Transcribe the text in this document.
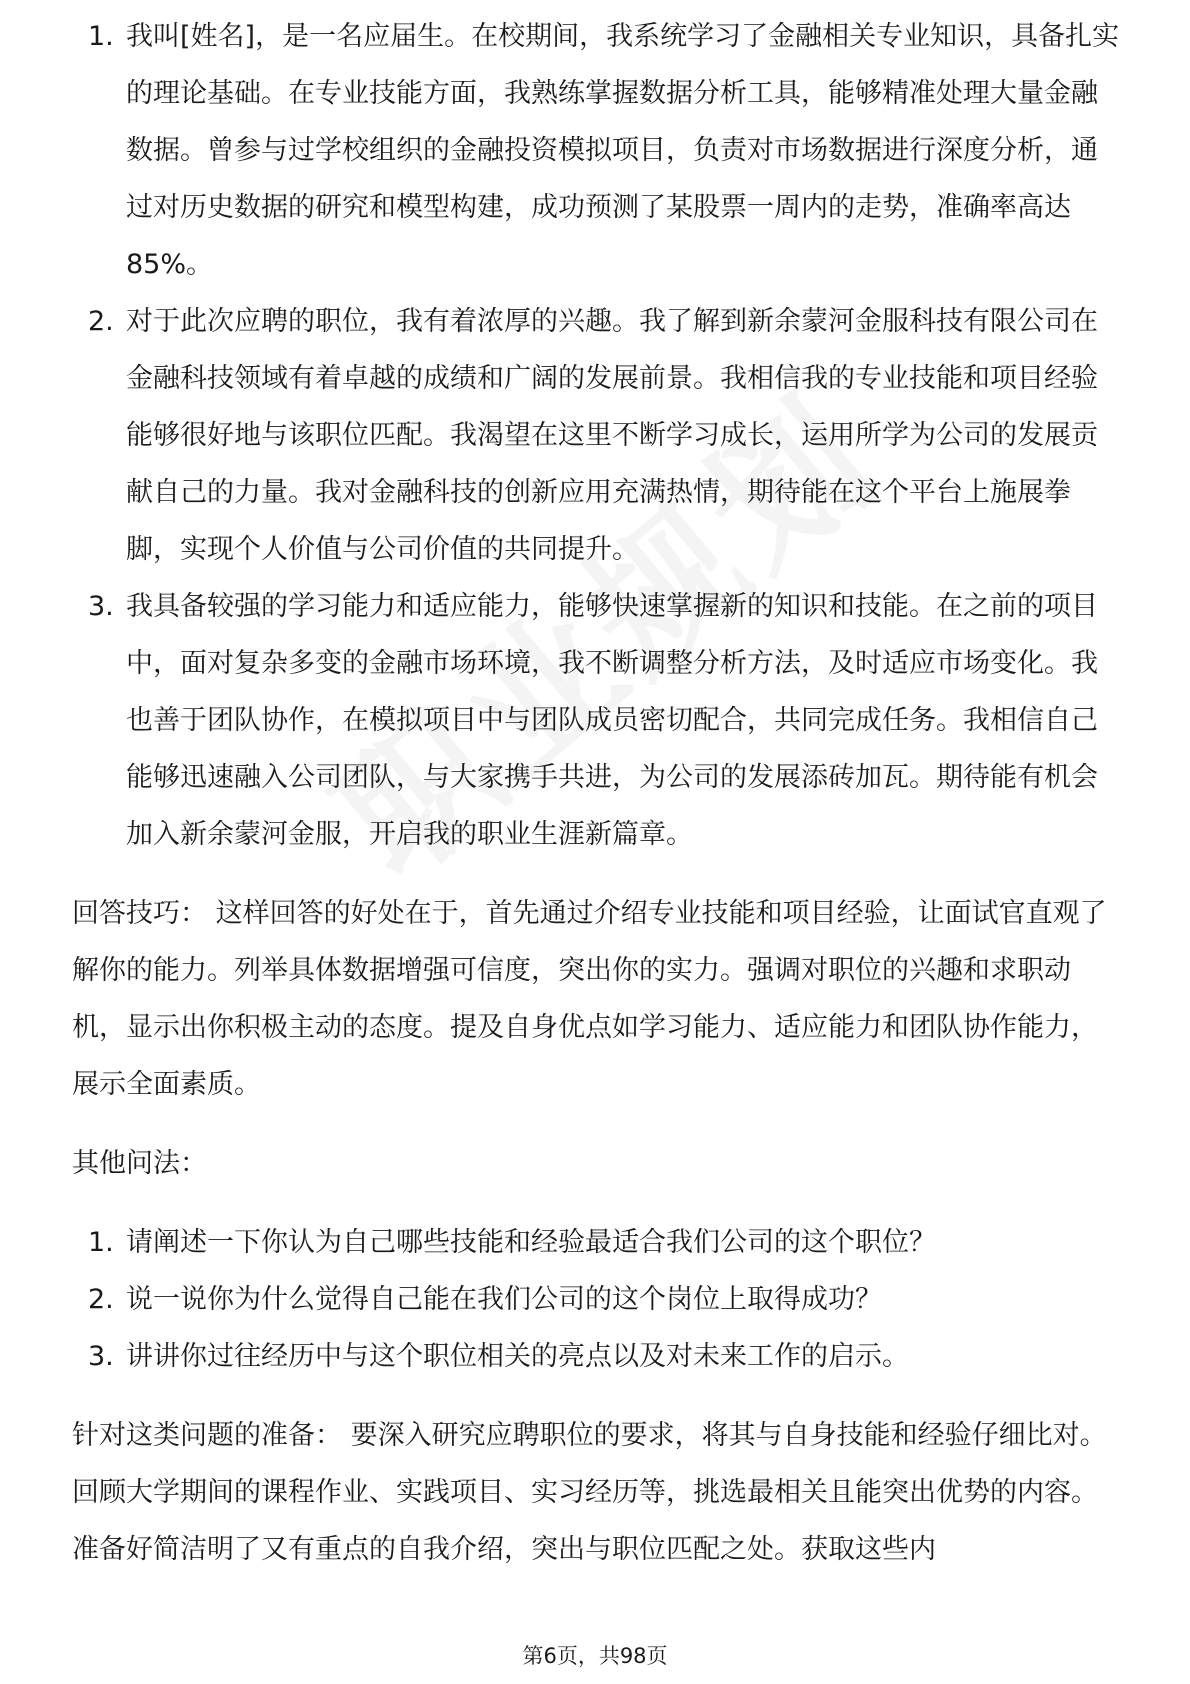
1. 我叫[姓名]，是一名应届生。在校期间，我系统学习了金融相关专业知识，具备扎实的理论基础。在专业技能方面，我熟练掌握数据分析工具，能够精准处理大量金融数据。曾参与过学校组织的金融投资模拟项目，负责对市场数据进行深度分析，通过对历史数据的研究和模型构建，成功预测了某股票一周内的走势，准确率高达 85%。
2. 对于此次应聘的职位，我有着浓厚的兴趣。我了解到新余蒙河金服科技有限公司在金融科技领域有着卓越的成绩和广阔的发展前景。我相信我的专业技能和项目经验能够很好地与该职位匹配。我渴望在这里不断学习成长，运用所学为公司的发展贡献自己的力量。我对金融科技的创新应用充满热情，期待能在这个平台上施展拳脚，实现个人价值与公司价值的共同提升。
3. 我具备较强的学习能力和适应能力，能够快速掌握新的知识和技能。在之前的项目中，面对复杂多变的金融市场环境，我不断调整分析方法，及时适应市场变化。我也善于团队协作，在模拟项目中与团队成员密切配合，共同完成任务。我相信自己能够迅速融入公司团队，与大家携手共进，为公司的发展添砖加瓦。期待能有机会加入新余蒙河金服，开启我的职业生涯新篇章。

回答技巧： 这样回答的好处在于，首先通过介绍专业技能和项目经验，让面试官直观了解你的能力。列举具体数据增强可信度，突出你的实力。强调对职位的兴趣和求职动机，显示出你积极主动的态度。提及自身优点如学习能力、适应能力和团队协作能力，展示全面素质。

其他问法：

1. 请阐述一下你认为自己哪些技能和经验最适合我们公司的这个职位？
2. 说一说你为什么觉得自己能在我们公司的这个岗位上取得成功？
3. 讲讲你过往经历中与这个职位相关的亮点以及对未来工作的启示。

针对这类问题的准备： 要深入研究应聘职位的要求，将其与自身技能和经验仔细比对。回顾大学期间的课程作业、实践项目、实习经历等，挑选最相关且能突出优势的内容。准备好简洁明了又有重点的自我介绍，突出与职位匹配之处。获取这些内

第6页，共98页
